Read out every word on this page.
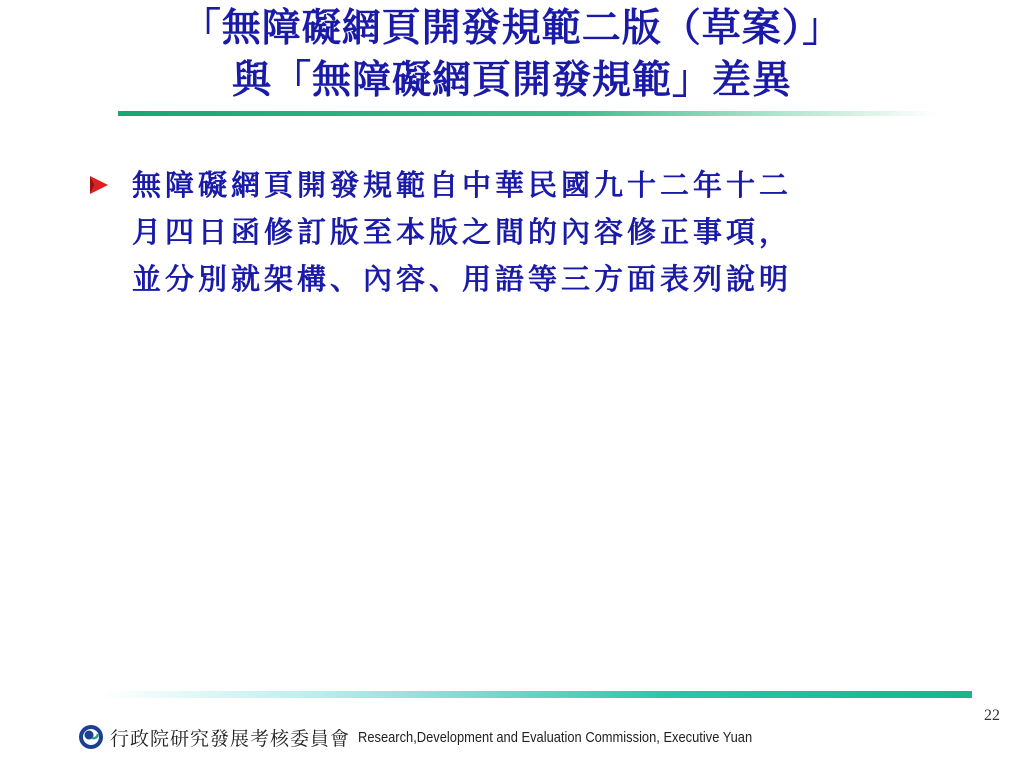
「無障礙網頁開發規範二版（草案）」
與「無障礙網頁開發規範」差異
無障礙網頁開發規範自中華民國九十二年十二
月四日函修訂版至本版之間的內容修正事項，
並分別就架構、內容、用語等三方面表列說明
22
行政院研究發展考核委員會 Research,Development and Evaluation Commission, Executive Yuan
